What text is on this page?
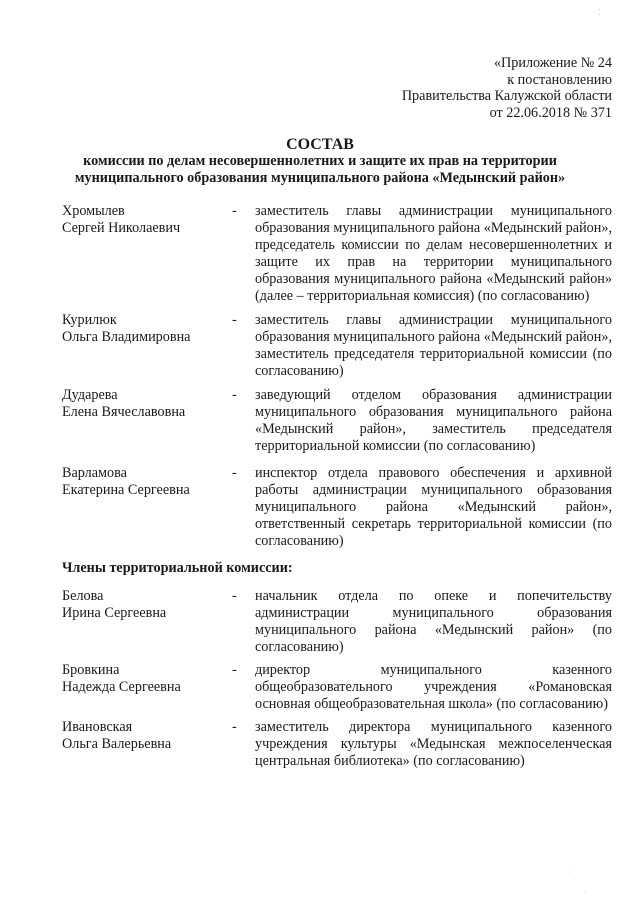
«Приложение № 24
к постановлению
Правительства Калужской области
от 22.06.2018 № 371
СОСТАВ
комиссии по делам несовершеннолетних и защите их прав на территории
муниципального образования муниципального района «Медынский район»
Хромылев
Сергей Николаевич
- заместитель главы администрации муниципального образования муниципального района «Медынский район», председатель комиссии по делам несовершеннолетних и защите их прав на территории муниципального образования муниципального района «Медынский район» (далее – территориальная комиссия) (по согласованию)
Курилюк
Ольга Владимировна
- заместитель главы администрации муниципального образования муниципального района «Медынский район», заместитель председателя территориальной комиссии (по согласованию)
Дударева
Елена Вячеславовна
- заведующий отделом образования администрации муниципального образования муниципального района «Медынский район», заместитель председателя территориальной комиссии (по согласованию)
Варламова
Екатерина Сергеевна
- инспектор отдела правового обеспечения и архивной работы администрации муниципального образования муниципального района «Медынский район», ответственный секретарь территориальной комиссии (по согласованию)
Члены территориальной комиссии:
Белова
Ирина Сергеевна
- начальник отдела по опеке и попечительству администрации муниципального образования муниципального района «Медынский район» (по согласованию)
Бровкина
Надежда Сергеевна
- директор муниципального казенного общеобразовательного учреждения «Романовская основная общеобразовательная школа» (по согласованию)
Ивановская
Ольга Валерьевна
- заместитель директора муниципального казенного учреждения культуры «Медынская межпоселенческая центральная библиотека» (по согласованию)
⁚
·
·
